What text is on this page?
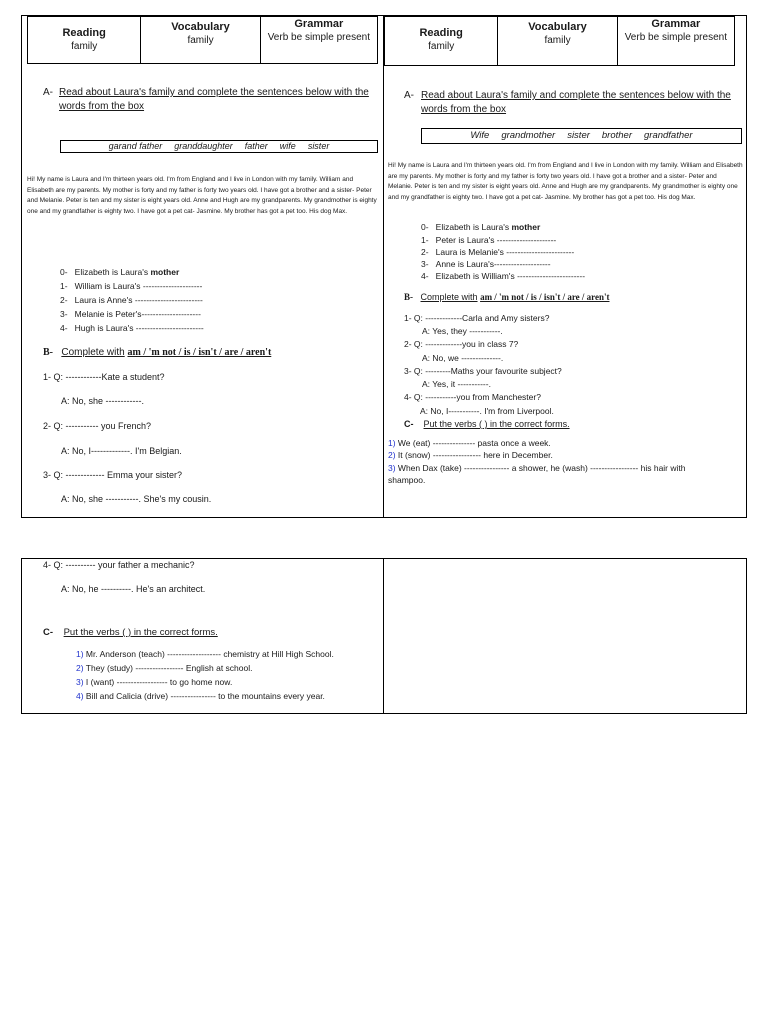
Reading
family
Vocabulary
family
Grammar
Verb be simple present	Reading
family
Vocabulary
family
Grammar
Verb be simple present
A- Read about Laura's family and complete the sentences below with the words from the box
garand father granddaughter father wife sister
Hi! My name is Laura and I'm thirteen years old. I'm from England and I live in London with my family. William and Elisabeth are my parents. My mother is forty and my father is forty two years old. I have got a brother and a sister- Peter and Melanie. Peter is ten and my sister is eight years old. Anne and Hugh are my grandparents. My grandmother is eighty one and my grandfather is eighty two. I have got a pet cat- Jasmine. My brother has got a pet too. His dog Max.
0- Elizabeth is Laura's mother
1- William is Laura's ---------------------
2- Laura is Anne's ------------------------
3- Melanie is Peter's---------------------
4- Hugh is Laura's ------------------------
B- Complete with am / 'm not / is / isn't / are / aren't
1- Q: ------------Kate a student?
A: No, she ------------.
2- Q: ----------- you French?
A: No, I-------------. I'm Belgian.
3- Q: ------------- Emma your sister?
A: No, she -----------. She's my cousin.
A- Read about Laura's family and complete the sentences below with the words from the box
Wife grandmother sister brother grandfather
Hi! My name is Laura and I'm thirteen years old. I'm from England and I live in London with my family. William and Elisabeth are my parents. My mother is forty and my father is forty two years old. I have got a brother and a sister- Peter and Melanie. Peter is ten and my sister is eight years old. Anne and Hugh are my grandparents. My grandmother is eighty one and my grandfather is eighty two. I have got a pet cat- Jasmine. My brother has got a pet too. His dog Max.
0- Elizabeth is Laura's mother
1- Peter is Laura's ---------------------
2- Laura is Melanie's ------------------------
3- Anne is Laura's--------------------
4- Elizabeth is William's ------------------------
B- Complete with am / 'm not / is / isn't / are / aren't
1- Q: -------------Carla and Amy sisters?
A: Yes, they -----------.
2- Q: -------------you in class 7?
A: No, we --------------.
3- Q: ---------Maths your favourite subject?
A: Yes, it -----------.
4- Q: -----------you from Manchester?
A: No, I-----------. I'm from Liverpool.
C- Put the verbs ( ) in the correct forms.
1) We (eat) --------------- pasta once a week.
2) It (snow) ----------------- here in December.
3) When Dax (take) ---------------- a shower, he (wash) ----------------- his hair with shampoo.
4- Q: ---------- your father a mechanic?
A: No, he ----------. He's an architect.
C- Put the verbs ( ) in the correct forms.
1) Mr. Anderson (teach) ------------------- chemistry at Hill High School.
2) They (study) ----------------- English at school.
3) I (want) ------------------ to go home now.
4) Bill and Calicia (drive) ---------------- to the mountains every year.
